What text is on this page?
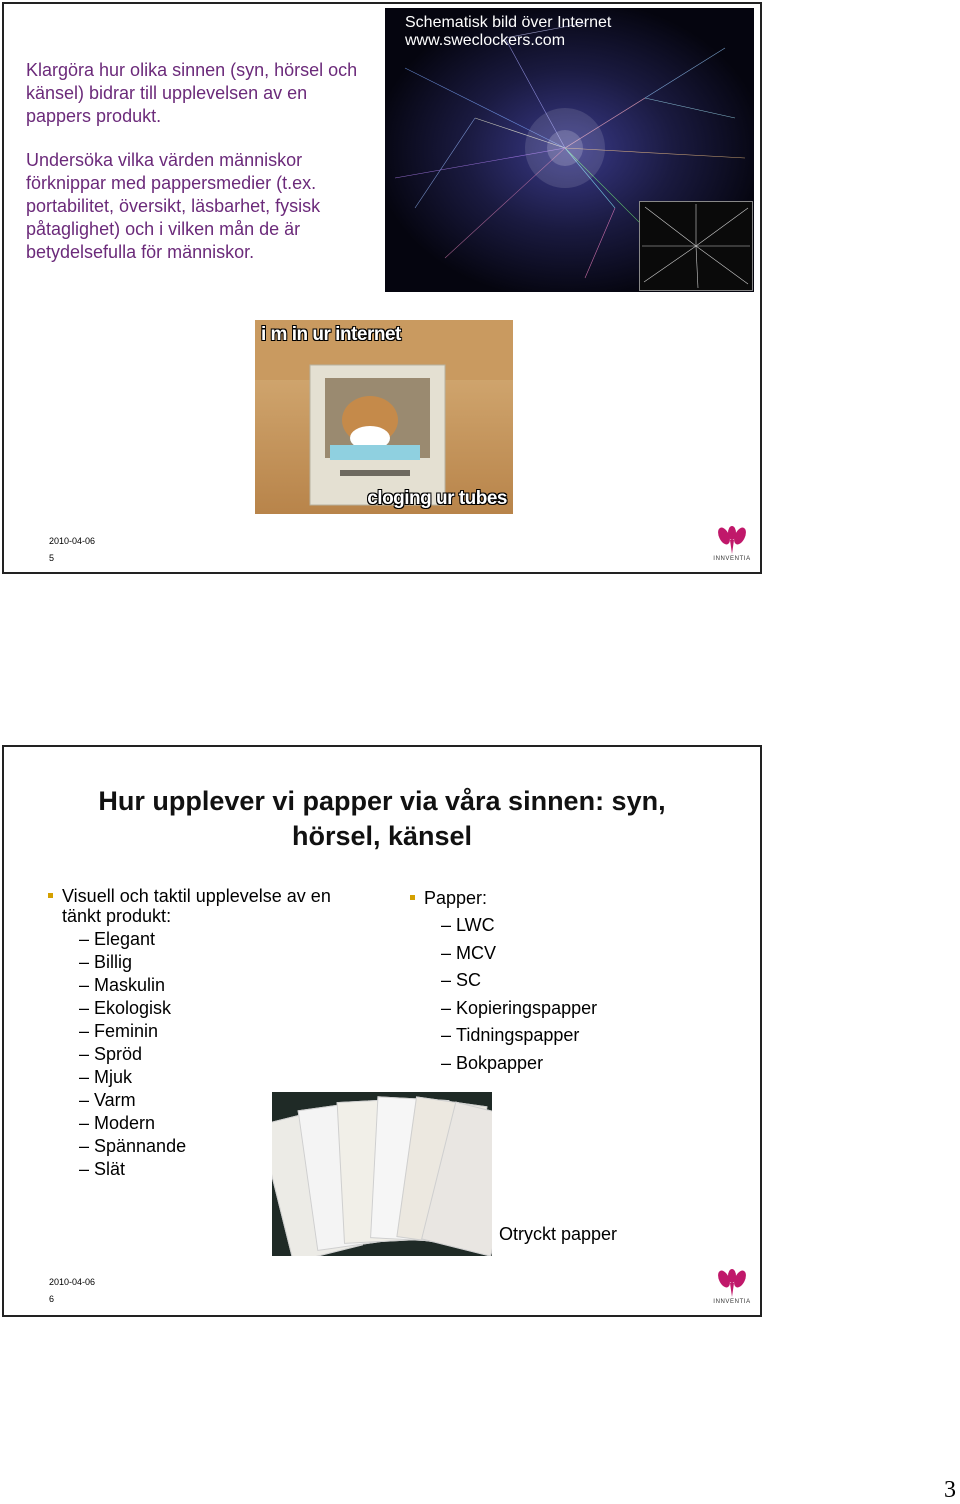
Klargöra hur olika sinnen (syn, hörsel och känsel) bidrar till upplevelsen av en pappers produkt.
Undersöka vilka värden människor förknippar med pappersmedier (t.ex. portabilitet, översikt, läsbarhet, fysisk påtaglighet) och i vilken mån de är betydelsefulla för människor.
Schematisk bild över Internet
www.sweclockers.com
i m in ur internet
cloging ur tubes
2010-04-06
5	INNVENTIA
Hur upplever vi papper via våra sinnen: syn,
hörsel, känsel
Visuell och taktil upplevelse av en tänkt produkt:
–
Elegant
–
Billig
–
Maskulin
–
Ekologisk
–
Feminin
–
Spröd
–
Mjuk
–
Varm
–
Modern
–
Spännande
–
Slät
Papper:
–
LWC
–
MCV
–
SC
–
Kopieringspapper
–
Tidningspapper
–
Bokpapper
Otryckt papper
2010-04-06
6	INNVENTIA
3
